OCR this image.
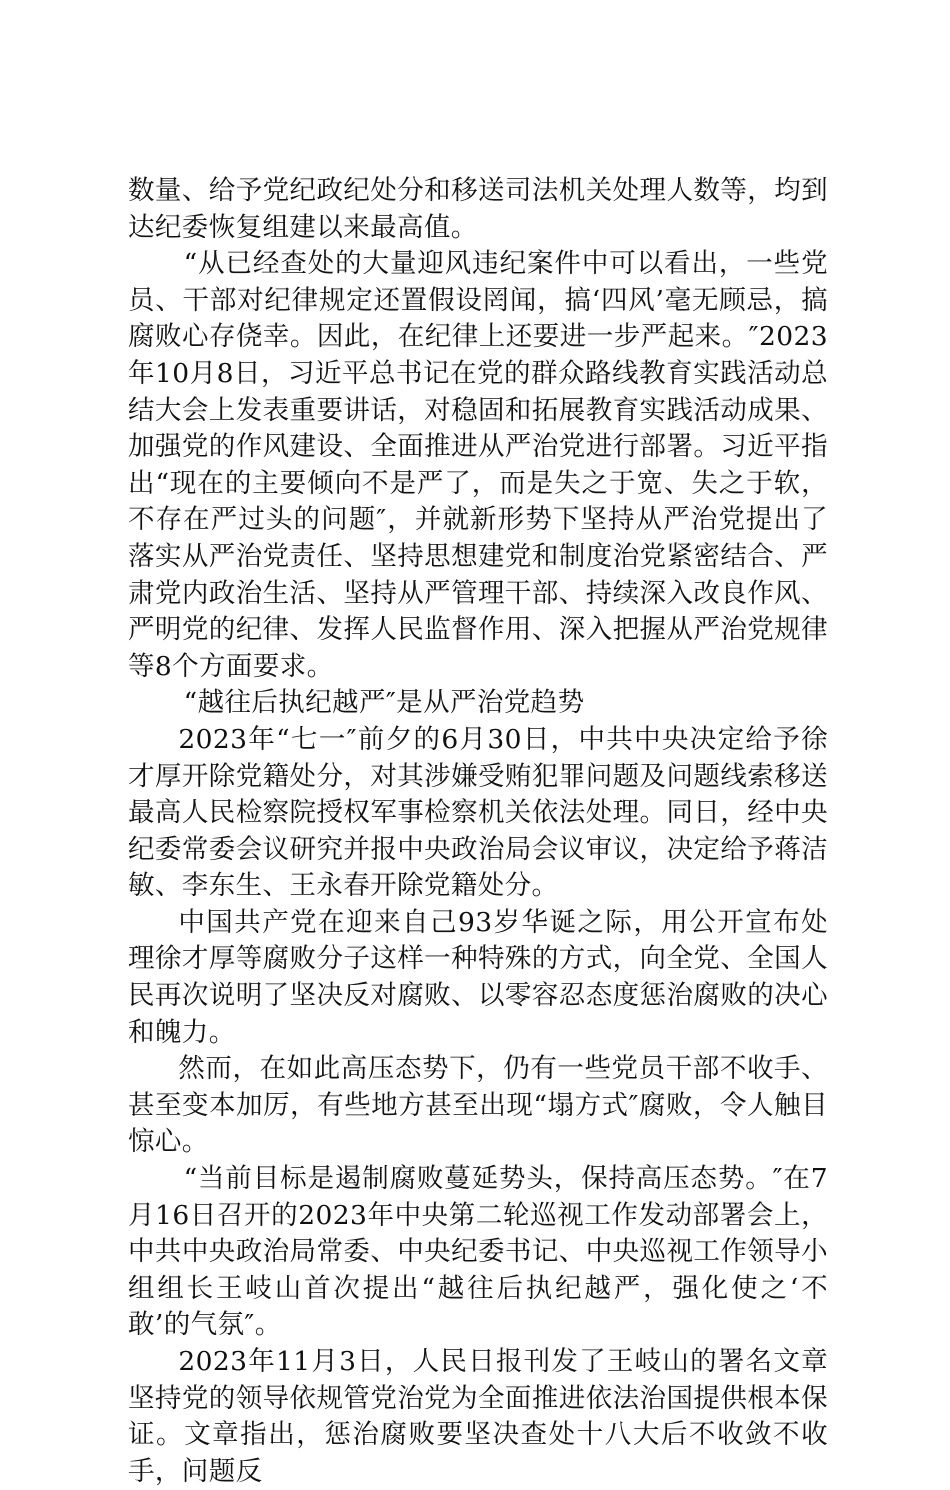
数量、给予党纪政纪处分和移送司法机关处理人数等，均到达纪委恢复组建以来最高值。

“从已经查处的大量迎风违纪案件中可以看出，一些党员、干部对纪律规定还置假设罔闻，搞‘四风’毫无顾忌，搞腐败心存侥幸。因此，在纪律上还要进一步严起来。″2023年10月8日，习近平总书记在党的群众路线教育实践活动总结大会上发表重要讲话，对稳固和拓展教育实践活动成果、加强党的作风建设、全面推进从严治党进行部署。习近平指出“现在的主要倾向不是严了，而是失之于宽、失之于软，不存在严过头的问题″，并就新形势下坚持从严治党提出了落实从严治党责任、坚持思想建党和制度治党紧密结合、严肃党内政治生活、坚持从严管理干部、持续深入改良作风、严明党的纪律、发挥人民监督作用、深入把握从严治党规律等8个方面要求。

“越往后执纪越严″是从严治党趋势

2023年“七一″前夕的6月30日，中共中央决定给予徐才厚开除党籍处分，对其涉嫌受贿犯罪问题及问题线索移送最高人民检察院授权军事检察机关依法处理。同日，经中央纪委常委会议研究并报中央政治局会议审议，决定给予蒋洁敏、李东生、王永春开除党籍处分。

中国共产党在迎来自己93岁华诞之际，用公开宣布处理徐才厚等腐败分子这样一种特殊的方式，向全党、全国人民再次说明了坚决反对腐败、以零容忍态度惩治腐败的决心和魄力。

然而，在如此高压态势下，仍有一些党员干部不收手、甚至变本加厉，有些地方甚至出现“塌方式″腐败，令人触目惊心。

“当前目标是遏制腐败蔓延势头，保持高压态势。″在7月16日召开的2023年中央第二轮巡视工作发动部署会上，中共中央政治局常委、中央纪委书记、中央巡视工作领导小组组长王岐山首次提出“越往后执纪越严，强化使之‘不敢’的气氛″。

2023年11月3日，人民日报刊发了王岐山的署名文章坚持党的领导依规管党治党为全面推进依法治国提供根本保证。文章指出，惩治腐败要坚决查处十八大后不收敛不收手，问题反
